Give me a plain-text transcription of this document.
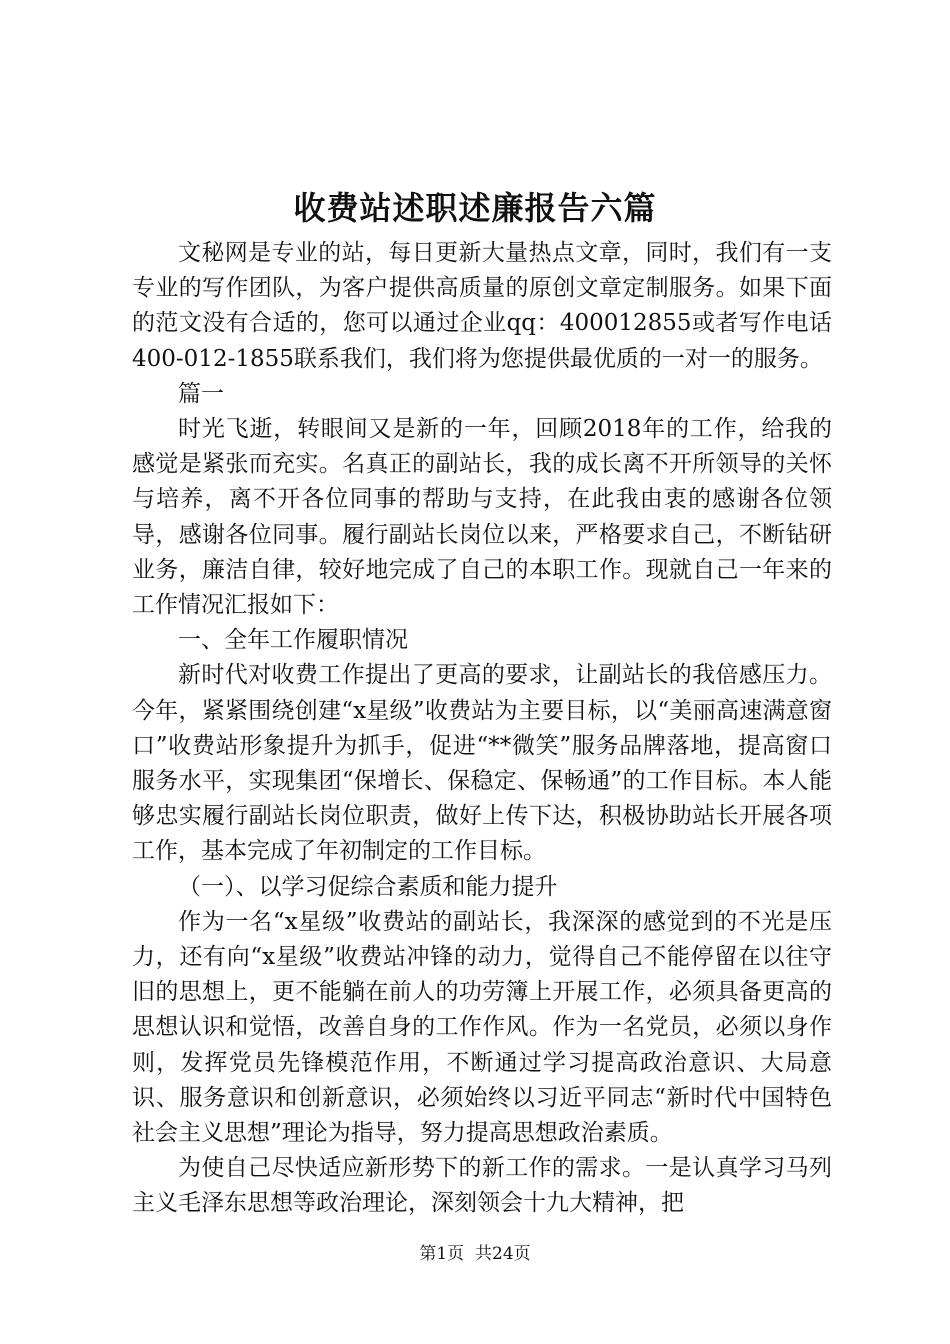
收费站述职述廉报告六篇

文秘网是专业的站，每日更新大量热点文章，同时，我们有一支专业的写作团队，为客户提供高质量的原创文章定制服务。如果下面的范文没有合适的，您可以通过企业qq：400012855或者写作电话400-012-1855联系我们，我们将为您提供最优质的一对一的服务。

篇一

时光飞逝，转眼间又是新的一年，回顾2018年的工作，给我的感觉是紧张而充实。名真正的副站长，我的成长离不开所领导的关怀与培养，离不开各位同事的帮助与支持，在此我由衷的感谢各位领导，感谢各位同事。履行副站长岗位以来，严格要求自己，不断钻研业务，廉洁自律，较好地完成了自己的本职工作。现就自己一年来的工作情况汇报如下：

一、全年工作履职情况

新时代对收费工作提出了更高的要求，让副站长的我倍感压力。今年，紧紧围绕创建“x星级”收费站为主要目标，以“美丽高速满意窗口”收费站形象提升为抓手，促进“**微笑”服务品牌落地，提高窗口服务水平，实现集团“保增长、保稳定、保畅通”的工作目标。本人能够忠实履行副站长岗位职责，做好上传下达，积极协助站长开展各项工作，基本完成了年初制定的工作目标。

（一）、以学习促综合素质和能力提升

作为一名“x星级”收费站的副站长，我深深的感觉到的不光是压力，还有向“x星级”收费站冲锋的动力，觉得自己不能停留在以往守旧的思想上，更不能躺在前人的功劳簿上开展工作，必须具备更高的思想认识和觉悟，改善自身的工作作风。作为一名党员，必须以身作则，发挥党员先锋模范作用，不断通过学习提高政治意识、大局意识、服务意识和创新意识，必须始终以习近平同志“新时代中国特色社会主义思想”理论为指导，努力提高思想政治素质。

为使自己尽快适应新形势下的新工作的需求。一是认真学习马列主义毛泽东思想等政治理论，深刻领会十九大精神，把

第1页 共24页
